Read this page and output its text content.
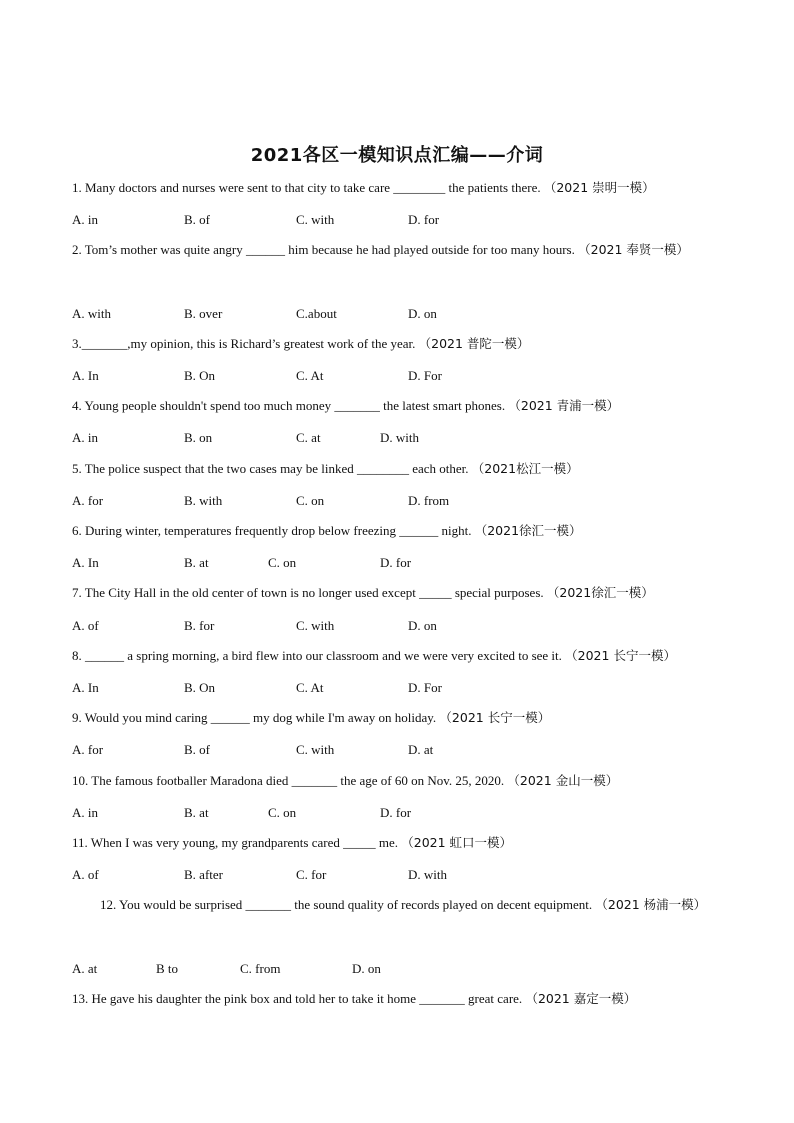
2021各区一模知识点汇编——介词
1. Many doctors and nurses were sent to that city to take care ________ the patients there. （2021 崇明一模）
A. in	B. of	C. with	D. for
2. Tom’s mother was quite angry ______ him because he had played outside for too many hours. （2021 奉贤一模）
A. with	B. over	C.about	D. on
3._______,my opinion, this is Richard’s greatest work of the year. （2021 普陀一模）
A. In	B. On	C. At	D. For
4. Young people shouldn't spend too much money _______ the latest smart phones. （2021 青浦一模）
A. in	B. on	C. at	D. with
5. The police suspect that the two cases may be linked ________ each other. （2021松江一模）
A. for	B. with	C. on	D. from
6. During winter, temperatures frequently drop below freezing ______ night. （2021徐汇一模）
A. In	B. at	C. on	D. for
7. The City Hall in the old center of town is no longer used except _____ special purposes. （2021徐汇一模）
A. of	B. for	C. with	D. on
8. ______ a spring morning, a bird flew into our classroom and we were very excited to see it. （2021 长宁一模）
A. In	B. On	C. At	D. For
9. Would you mind caring ______ my dog while I'm away on holiday. （2021 长宁一模）
A. for	B. of	C. with	D. at
10. The famous footballer Maradona died _______ the age of 60 on Nov. 25, 2020. （2021 金山一模）
A. in	B. at	C. on	D. for
11. When I was very young, my grandparents cared _____ me. （2021 虹口一模）
A. of	B. after	C. for	D. with
12. You would be surprised _______ the sound quality of records played on decent equipment. （2021 杨浦一模）
A. at	B to	C. from	D. on
13. He gave his daughter the pink box and told her to take it home _______ great care. （2021 嘉定一模）
